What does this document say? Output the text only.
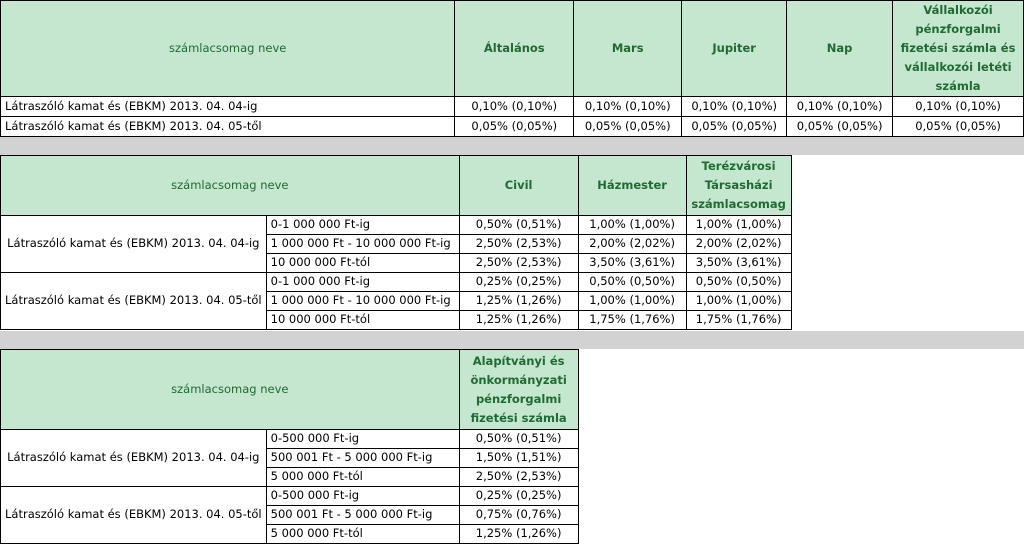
számlacsomag neve	Általános	Mars	Jupiter	Nap	Vállalkozói pénzforgalmi fizetési számla és vállalkozói letéti számla
Látraszóló kamat és (EBKM) 2013. 04. 04-ig	0,10% (0,10%)	0,10% (0,10%)	0,10% (0,10%)	0,10% (0,10%)	0,10% (0,10%)
Látraszóló kamat és (EBKM) 2013. 04. 05-től	0,05% (0,05%)	0,05% (0,05%)	0,05% (0,05%)	0,05% (0,05%)	0,05% (0,05%)
számlacsomag neve		Civil	Házmester	Terézvárosi Társasházi számlacsomag
Látraszóló kamat és (EBKM) 2013. 04. 04-ig	0-1 000 000 Ft-ig	0,50% (0,51%)	1,00% (1,00%)	1,00% (1,00%)
	1 000 000 Ft - 10 000 000 Ft-ig	2,50% (2,53%)	2,00% (2,02%)	2,00% (2,02%)
	10 000 000 Ft-tól	2,50% (2,53%)	3,50% (3,61%)	3,50% (3,61%)
Látraszóló kamat és (EBKM) 2013. 04. 05-től	0-1 000 000 Ft-ig	0,25% (0,25%)	0,50% (0,50%)	0,50% (0,50%)
	1 000 000 Ft - 10 000 000 Ft-ig	1,25% (1,26%)	1,00% (1,00%)	1,00% (1,00%)
	10 000 000 Ft-tól	1,25% (1,26%)	1,75% (1,76%)	1,75% (1,76%)
számlacsomag neve		Alapítványi és önkormányzati pénzforgalmi fizetési számla
Látraszóló kamat és (EBKM) 2013. 04. 04-ig	0-500 000 Ft-ig	0,50% (0,51%)
	500 001 Ft - 5 000 000 Ft-ig	1,50% (1,51%)
	5 000 000 Ft-tól	2,50% (2,53%)
Látraszóló kamat és (EBKM) 2013. 04. 05-től	0-500 000 Ft-ig	0,25% (0,25%)
	500 001 Ft - 5 000 000 Ft-ig	0,75% (0,76%)
	5 000 000 Ft-tól	1,25% (1,26%)
